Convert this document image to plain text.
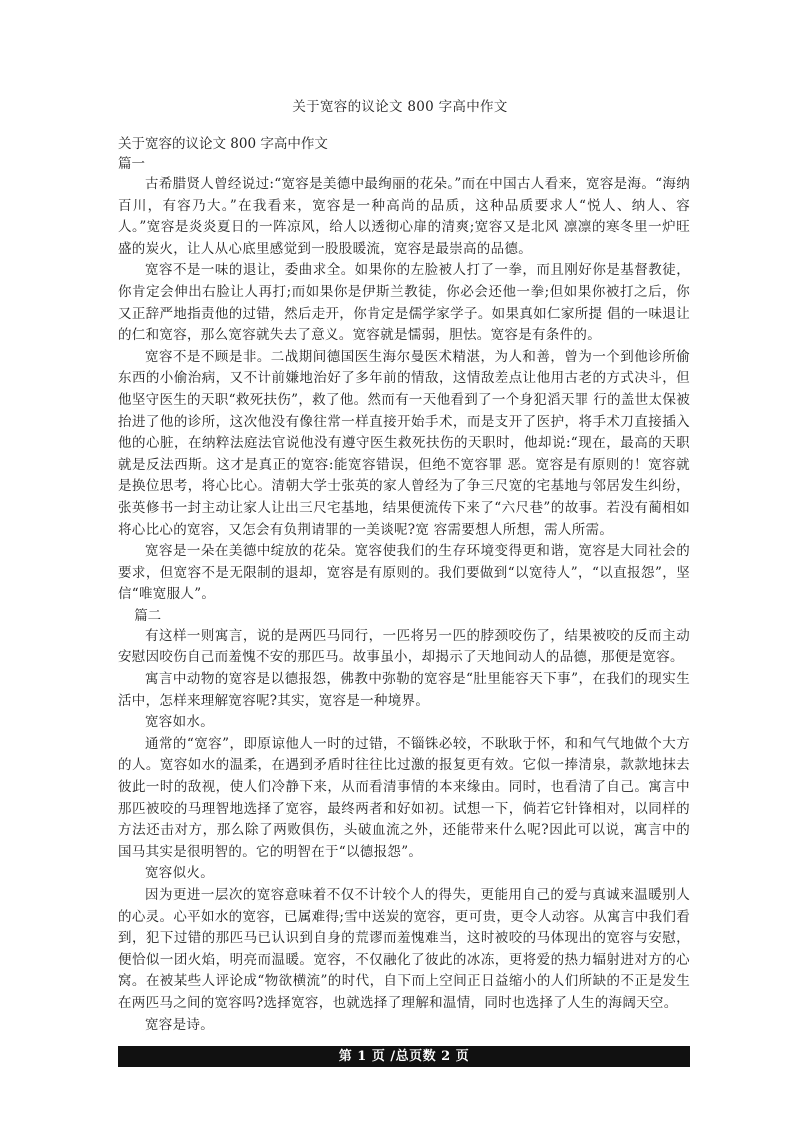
关于宽容的议论文 800 字高中作文

关于宽容的议论文 800 字高中作文

篇一

古希腊贤人曾经说过:“宽容是美德中最绚丽的花朵。”而在中国古人看来，宽容是海。“海纳百川，有容乃大。”在我看来，宽容是一种高尚的品质，这种品质要求人“悦人、纳人、容人。”宽容是炎炎夏日的一阵凉风，给人以透彻心扉的清爽;宽容又是北风 凛凛的寒冬里一炉旺盛的炭火，让人从心底里感觉到一股股暖流，宽容是最崇高的品德。

宽容不是一味的退让，委曲求全。如果你的左脸被人打了一拳，而且刚好你是基督教徒，你肯定会伸出右脸让人再打;而如果你是伊斯兰教徒，你必会还他一拳;但如果你被打之后，你又正辞严地指责他的过错，然后走开，你肯定是儒学家学子。如果真如仁家所提 倡的一味退让的仁和宽容，那么宽容就失去了意义。宽容就是懦弱，胆怯。宽容是有条件的。

宽容不是不顾是非。二战期间德国医生海尔曼医术精湛，为人和善，曾为一个到他诊所偷东西的小偷治病，又不计前嫌地治好了多年前的情敌，这情敌差点让他用古老的方式决斗，但他坚守医生的天职“救死扶伤”，救了他。然而有一天他看到了一个身犯滔天罪 行的盖世太保被抬进了他的诊所，这次他没有像往常一样直接开始手术，而是支开了医护，将手术刀直接插入他的心脏，在纳粹法庭法官说他没有遵守医生救死扶伤的天职时，他却说:“现在，最高的天职就是反法西斯。这才是真正的宽容:能宽容错误，但绝不宽容罪 恶。宽容是有原则的！宽容就是换位思考，将心比心。清朝大学士张英的家人曾经为了争三尺宽的宅基地与邻居发生纠纷，张英修书一封主动让家人让出三尺宅基地，结果便流传下来了“六尺巷”的故事。若没有蔺相如将心比心的宽容，又怎会有负荆请罪的一美谈呢?宽 容需要想人所想，需人所需。

宽容是一朵在美德中绽放的花朵。宽容使我们的生存环境变得更和谐，宽容是大同社会的要求，但宽容不是无限制的退却，宽容是有原则的。我们要做到“以宽待人”，“以直报怨”，坚信“唯宽服人”。

篇二

有这样一则寓言，说的是两匹马同行，一匹将另一匹的脖颈咬伤了，结果被咬的反而主动安慰因咬伤自己而羞愧不安的那匹马。故事虽小，却揭示了天地间动人的品德，那便是宽容。

寓言中动物的宽容是以德报怨，佛教中弥勒的宽容是“肚里能容天下事”，在我们的现实生活中，怎样来理解宽容呢?其实，宽容是一种境界。

宽容如水。

通常的“宽容”，即原谅他人一时的过错，不锱铢必较，不耿耿于怀，和和气气地做个大方的人。宽容如水的温柔，在遇到矛盾时往往比过激的报复更有效。它似一捧清泉，款款地抹去彼此一时的敌视，使人们冷静下来，从而看清事情的本来缘由。同时，也看清了自己。寓言中那匹被咬的马理智地选择了宽容，最终两者和好如初。试想一下，倘若它针锋相对，以同样的方法还击对方，那么除了两败俱伤，头破血流之外，还能带来什么呢?因此可以说，寓言中的国马其实是很明智的。它的明智在于“以德报怨”。

宽容似火。

因为更进一层次的宽容意味着不仅不计较个人的得失，更能用自己的爱与真诚来温暖别人的心灵。心平如水的宽容，已属难得;雪中送炭的宽容，更可贵，更令人动容。从寓言中我们看到，犯下过错的那匹马已认识到自身的荒谬而羞愧难当，这时被咬的马体现出的宽容与安慰，便恰似一团火焰，明亮而温暖。宽容，不仅融化了彼此的冰冻，更将爱的热力辐射进对方的心窝。在被某些人评论成“物欲横流”的时代，自下而上空间正日益缩小的人们所缺的不正是发生在两匹马之间的宽容吗?选择宽容，也就选择了理解和温情，同时也选择了人生的海阔天空。

宽容是诗。

第 1 页 /总页数 2 页
